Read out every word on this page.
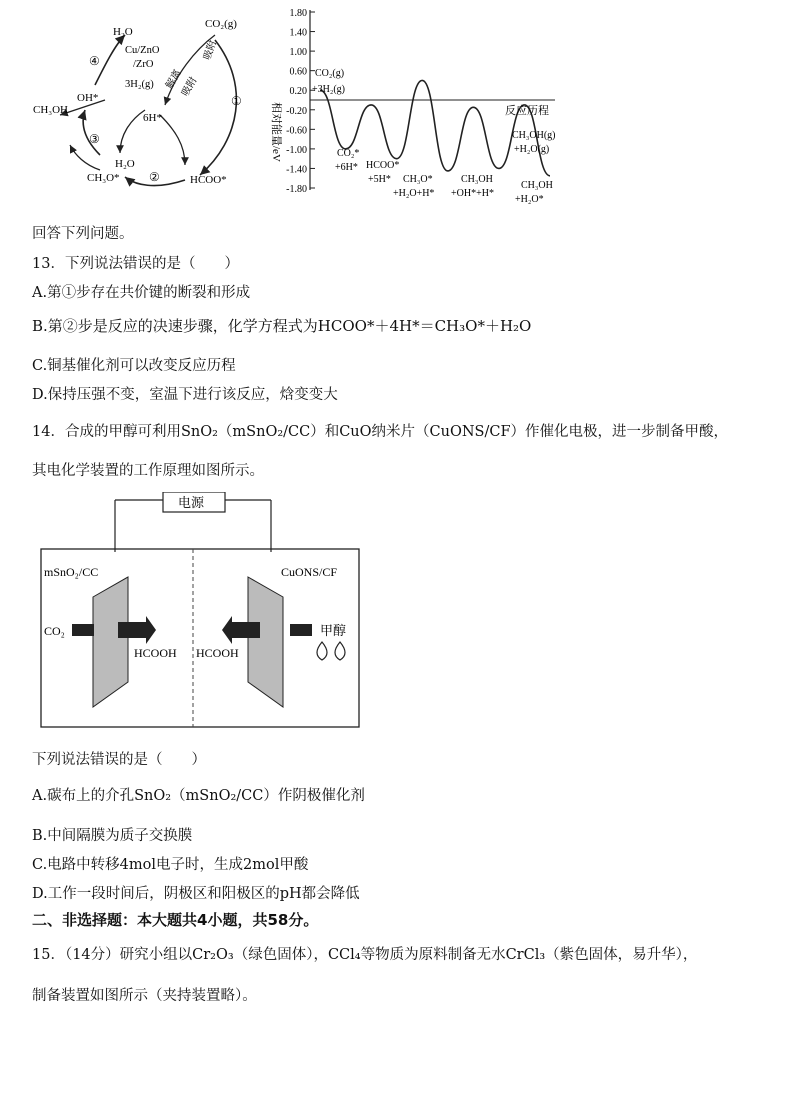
H₂O
Cu/ZnO
/ZrO
CO₂(g)
吸附
3H₂(g) 解离
吸附
OH*
6H*
④
①
②
③
CH₃OH
H₂O
CH₃O*	HCOO*
相对能量/eV
1.80
1.40
1.00
0.60
0.20
-0.20
-0.60
-1.00
-1.40
-1.80
反应历程
CO₂(g)
+3H₂(g)
CO₂*
+6H* HCOO*
+5H* CH₃O*
+H₂O+H*
CH₃OH
+OH*+H*
CH₃OH(g)
+H₂O(g)
CH₃OH
+H₂O*
回答下列问题。
13．下列说法错误的是（　　）
A.第①步存在共价键的断裂和形成
B.第②步是反应的决速步骤，化学方程式为HCOO*＋4H*＝CH₃O*＋H₂O
C.铜基催化剂可以改变反应历程
D.保持压强不变，室温下进行该反应，焓变变大
14．合成的甲醇可利用SnO₂（mSnO₂/CC）和CuO纳米片（CuONS/CF）作催化电极，进一步制备甲酸，
其电化学装置的工作原理如图所示。
电源
mSnO₂/CC	CuONS/CF
CO₂	甲醇
HCOOH HCOOH
下列说法错误的是（　　）
A.碳布上的介孔SnO₂（mSnO₂/CC）作阴极催化剂
B.中间隔膜为质子交换膜
C.电路中转移4mol电子时，生成2mol甲酸
D.工作一段时间后，阴极区和阳极区的pH都会降低
二、非选择题：本大题共4小题，共58分。
15．（14分）研究小组以Cr₂O₃（绿色固体），CCl₄等物质为原料制备无水CrCl₃（紫色固体，易升华），
制备装置如图所示（夹持装置略）。
